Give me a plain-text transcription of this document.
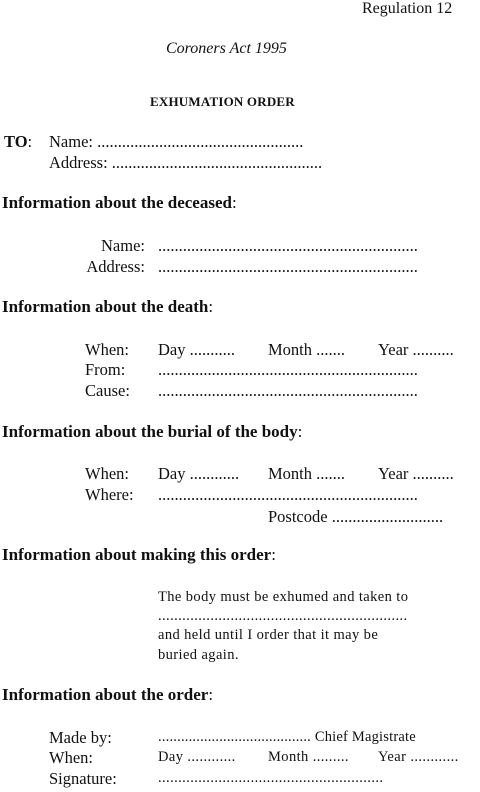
Regulation 12
Coroners Act 1995
EXHUMATION ORDER
TO: Name: ..................................................
Address: ...................................................
Information about the deceased:
Name: ...............................................................
Address: ...............................................................
Information about the death:
When: Day ........... Month ....... Year ..........
From: ...............................................................
Cause: ...............................................................
Information about the burial of the body:
When: Day ............ Month ....... Year ..........
Where: ...............................................................
Postcode ...........................
Information about making this order:
The body must be exhumed and taken to
..............................................................
and held until I order that it may be
buried again.
Information about the order:
Made by:	........................................ Chief Magistrate
When:	Day ............ Month ......... Year ............
Signature:	........................................................
